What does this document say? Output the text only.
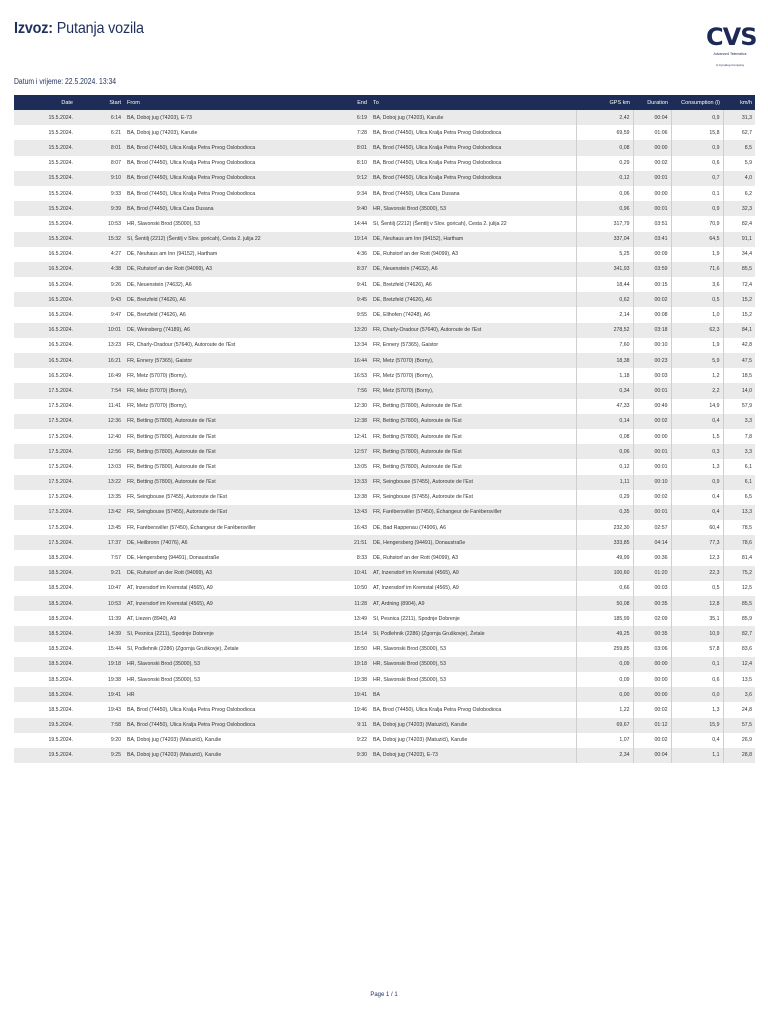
Izvoz: Putanja vozila	CVS
Advanced Telematics
A Cymalog Company
Datum i vrijeme: 22.5.2024. 13:34
Date	Start	From	End	To	GPS km	Duration	Consumption (l)	km/h
15.5.2024.	6:14	BA, Doboj jug (74203), E-73	6:19	BA, Doboj jug (74203), Karuše	2,42	00:04	0,9	31,3
15.5.2024.	6:21	BA, Doboj jug (74203), Karuše	7:28	BA, Brod (74450), Ulica Kralja Petra Prvog Oslobodioca	69,59	01:06	15,8	62,7
15.5.2024.	8:01	BA, Brod (74450), Ulica Kralja Petra Prvog Oslobodioca	8:01	BA, Brod (74450), Ulica Kralja Petra Prvog Oslobodioca	0,08	00:00	0,9	8,5
15.5.2024.	8:07	BA, Brod (74450), Ulica Kralja Petra Prvog Oslobodioca	8:10	BA, Brod (74450), Ulica Kralja Petra Prvog Oslobodioca	0,29	00:02	0,6	5,9
15.5.2024.	9:10	BA, Brod (74450), Ulica Kralja Petra Prvog Oslobodioca	9:12	BA, Brod (74450), Ulica Kralja Petra Prvog Oslobodioca	0,12	00:01	0,7	4,0
15.5.2024.	9:33	BA, Brod (74450), Ulica Kralja Petra Prvog Oslobodioca	9:34	BA, Brod (74450), Ulica Cara Dusana	0,06	00:00	0,1	6,2
15.5.2024.	9:39	BA, Brod (74450), Ulica Cara Dusana	9:40	HR, Slavonski Brod (35000), 53	0,96	00:01	0,9	32,3
15.5.2024.	10:53	HR, Slavonski Brod (35000), 53	14:44	SI, Šentilj (2212) (Šentilj v Slov. goricah), Cesta 2. julija 22	317,79	03:51	70,9	82,4
15.5.2024.	15:32	SI, Šentilj (2212) (Šentilj v Slov. goricah), Cesta 2. julija 22	19:14	DE, Neuhaus am Inn (94152), Hartham	337,04	03:41	64,5	91,1
16.5.2024.	4:27	DE, Neuhaus am Inn (94152), Hartham	4:36	DE, Ruhstorf an der Rott (94099), A3	5,25	00:09	1,9	34,4
16.5.2024.	4:38	DE, Ruhstorf an der Rott (94099), A3	8:37	DE, Neuenstein (74632), A6	341,93	03:59	71,6	85,5
16.5.2024.	9:26	DE, Neuenstein (74632), A6	9:41	DE, Bretzfeld (74626), A6	18,44	00:15	3,6	72,4
16.5.2024.	9:43	DE, Bretzfeld (74626), A6	9:45	DE, Bretzfeld (74626), A6	0,62	00:02	0,5	15,2
16.5.2024.	9:47	DE, Bretzfeld (74626), A6	9:55	DE, Ellhofen (74248), A6	2,14	00:08	1,0	15,2
16.5.2024.	10:01	DE, Weinsberg (74189), A6	13:20	FR, Charly-Oradour (57640), Autoroute de l'Est	278,52	03:18	62,3	84,1
16.5.2024.	13:23	FR, Charly-Oradour (57640), Autoroute de l'Est	13:34	FR, Ennery (57365), Gaistor	7,60	00:10	1,9	42,8
16.5.2024.	16:21	FR, Ennery (57365), Gaistor	16:44	FR, Metz (57070) (Borny),	18,38	00:23	5,9	47,5
16.5.2024.	16:49	FR, Metz (57070) (Borny),	16:53	FR, Metz (57070) (Borny),	1,18	00:03	1,2	18,5
17.5.2024.	7:54	FR, Metz (57070) (Borny),	7:56	FR, Metz (57070) (Borny),	0,34	00:01	2,2	14,0
17.5.2024.	11:41	FR, Metz (57070) (Borny),	12:30	FR, Betting (57800), Autoroute de l'Est	47,33	00:49	14,9	57,9
17.5.2024.	12:36	FR, Betting (57800), Autoroute de l'Est	12:38	FR, Betting (57800), Autoroute de l'Est	0,14	00:02	0,4	3,3
17.5.2024.	12:40	FR, Betting (57800), Autoroute de l'Est	12:41	FR, Betting (57800), Autoroute de l'Est	0,08	00:00	1,5	7,8
17.5.2024.	12:56	FR, Betting (57800), Autoroute de l'Est	12:57	FR, Betting (57800), Autoroute de l'Est	0,06	00:01	0,3	3,3
17.5.2024.	13:03	FR, Betting (57800), Autoroute de l'Est	13:05	FR, Betting (57800), Autoroute de l'Est	0,12	00:01	1,3	6,1
17.5.2024.	13:22	FR, Betting (57800), Autoroute de l'Est	13:33	FR, Seingbouse (57455), Autoroute de l'Est	1,11	00:10	0,9	6,1
17.5.2024.	13:35	FR, Seingbouse (57455), Autoroute de l'Est	13:38	FR, Seingbouse (57455), Autoroute de l'Est	0,29	00:02	0,4	6,5
17.5.2024.	13:42	FR, Seingbouse (57455), Autoroute de l'Est	13:43	FR, Farébersviller (57450), Échangeur de Farébersviller	0,35	00:01	0,4	13,3
17.5.2024.	13:45	FR, Farébersviller (57450), Échangeur de Farébersviller	16:43	DE, Bad Rappenau (74906), A6	232,30	02:57	60,4	78,5
17.5.2024.	17:37	DE, Heilbronn (74076), A6	21:51	DE, Hengersberg (94491), Donaustraße	333,85	04:14	77,3	78,6
18.5.2024.	7:57	DE, Hengersberg (94491), Donaustraße	8:33	DE, Ruhstorf an der Rott (94099), A3	49,99	00:36	12,3	81,4
18.5.2024.	9:21	DE, Ruhstorf an der Rott (94099), A3	10:41	AT, Inzersdorf im Kremstal (4565), A9	100,60	01:20	22,3	75,2
18.5.2024.	10:47	AT, Inzersdorf im Kremstal (4565), A9	10:50	AT, Inzersdorf im Kremstal (4565), A9	0,66	00:03	0,5	12,5
18.5.2024.	10:53	AT, Inzersdorf im Kremstal (4565), A9	11:28	AT, Ardning (8904), A9	50,08	00:35	12,8	85,5
18.5.2024.	11:39	AT, Liezen (8940), A9	13:49	SI, Pesnica (2211), Spodnje Dobrenje	185,99	02:09	35,1	85,9
18.5.2024.	14:39	SI, Pesnica (2211), Spodnje Dobrenje	15:14	SI, Podlehnik (2286) (Zgornja Gruškovje), Žetale	49,25	00:35	10,9	82,7
18.5.2024.	15:44	SI, Podlehnik (2286) (Zgornja Gruškovje), Žetale	18:50	HR, Slavonski Brod (35000), 53	259,85	03:06	57,8	83,6
18.5.2024.	19:18	HR, Slavonski Brod (35000), 53	19:18	HR, Slavonski Brod (35000), 53	0,09	00:00	0,1	12,4
18.5.2024.	19:38	HR, Slavonski Brod (35000), 53	19:38	HR, Slavonski Brod (35000), 53	0,09	00:00	0,6	13,5
18.5.2024.	19:41	HR	19:41	BA	0,00	00:00	0,0	3,6
18.5.2024.	19:43	BA, Brod (74450), Ulica Kralja Petra Prvog Oslobodioca	19:46	BA, Brod (74450), Ulica Kralja Petra Prvog Oslobodioca	1,22	00:02	1,3	24,8
19.5.2024.	7:58	BA, Brod (74450), Ulica Kralja Petra Prvog Oslobodioca	9:11	BA, Doboj jug (74203) (Matuzići), Karuše	69,67	01:12	15,9	57,5
19.5.2024.	9:20	BA, Doboj jug (74203) (Matuzići), Karuše	9:22	BA, Doboj jug (74203) (Matuzići), Karuše	1,07	00:02	0,4	26,9
19.5.2024.	9:25	BA, Doboj jug (74203) (Matuzići), Karuše	9:30	BA, Doboj jug (74203), E-73	2,34	00:04	1,1	28,8
Page 1 / 1
